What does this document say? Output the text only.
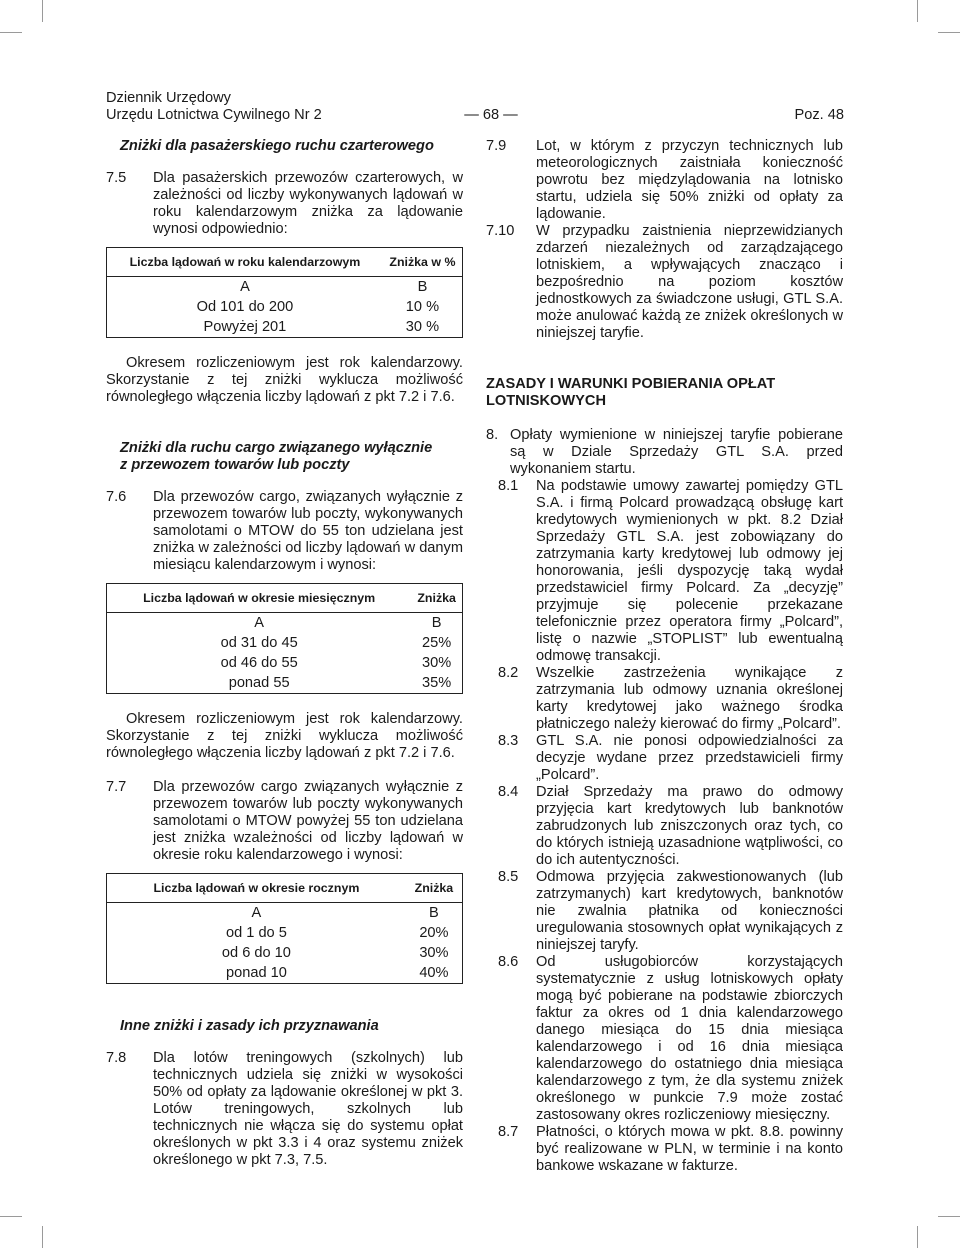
Dziennik Urzędowy
Urzędu Lotnictwa Cywilnego Nr 2	— 68 —	Poz. 48

Zniżki dla pasażerskiego ruchu czarterowego

7.5	Dla pasażerskich przewozów czarterowych, w zależności od liczby wykonywanych lądowań w roku kalendarzowym zniżka za lądowanie wynosi odpowiednio:
Liczba lądowań w roku kalendarzowym	Zniżka w %
A	B
Od 101 do 200	10 %
Powyżej 201	30 %

Okresem rozliczeniowym jest rok kalendarzowy. Skorzystanie z tej zniżki wyklucza możliwość równoległego włączenia liczby lądowań z pkt 7.2 i 7.6.

Zniżki dla ruchu cargo związanego wyłącznie
z przewozem towarów lub poczty

7.6	Dla przewozów cargo, związanych wyłącznie z przewozem towarów lub poczty, wykonywanych samolotami o MTOW do 55 ton udzielana jest zniżka w zależności od liczby lądowań w danym miesiącu kalendarzowym i wynosi:
Liczba lądowań w okresie miesięcznym	Zniżka
A	B
od 31 do 45	25%
od 46 do 55	30%
ponad 55	35%

Okresem rozliczeniowym jest rok kalendarzowy. Skorzystanie z tej zniżki wyklucza możliwość równoległego włączenia liczby lądowań z pkt 7.2 i 7.6.

7.7	Dla przewozów cargo związanych wyłącznie z przewozem towarów lub poczty wykonywanych samolotami o MTOW powyżej 55 ton udzielana jest zniżka wzależności od liczby lądowań w okresie roku kalendarzowego i wynosi:
Liczba lądowań w okresie rocznym	Zniżka
A	B
od 1 do 5	20%
od 6 do 10	30%
ponad 10	40%

Inne zniżki i zasady ich przyznawania

7.8	Dla lotów treningowych (szkolnych) lub technicznych udziela się zniżki w wysokości 50% od opłaty za lądowanie określonej w pkt 3. Lotów treningowych, szkolnych lub technicznych nie włącza się do systemu opłat określonych w pkt 3.3 i 4 oraz systemu zniżek określonego w pkt 7.3, 7.5.
7.9	Lot, w którym z przyczyn technicznych lub meteorologicznych zaistniała konieczność powrotu bez międzylądowania na lotnisko startu, udziela się 50% zniżki od opłaty za lądowanie.
7.10	W przypadku zaistnienia nieprzewidzianych zdarzeń niezależnych od zarządzającego lotniskiem, a wpływających znacząco i bezpośrednio na poziom kosztów jednostkowych za świadczone usługi, GTL S.A. może anulować każdą ze zniżek określonych w niniejszej taryfie.

ZASADY I WARUNKI POBIERANIA OPŁAT
LOTNISKOWYCH

8. Opłaty wymienione w niniejszej taryfie pobierane są w Dziale Sprzedaży GTL S.A. przed wykonaniem startu.
8.1	Na podstawie umowy zawartej pomiędzy GTL S.A. i firmą Polcard prowadzącą obsługę kart kredytowych wymienionych w pkt. 8.2 Dział Sprzedaży GTL S.A. jest zobowiązany do zatrzymania karty kredytowej lub odmowy jej honorowania, jeśli dyspozycję taką wydał przedstawiciel firmy Polcard. Za „decyzję” przyjmuje się polecenie przekazane telefonicznie przez operatora firmy „Polcard”, listę o nazwie „STOPLIST” lub ewentualną odmowę transakcji.
8.2	Wszelkie zastrzeżenia wynikające z zatrzymania lub odmowy uznania określonej karty kredytowej jako ważnego środka płatniczego należy kierować do firmy „Polcard”.
8.3	GTL S.A. nie ponosi odpowiedzialności za decyzje wydane przez przedstawicieli firmy „Polcard”.
8.4	Dział Sprzedaży ma prawo do odmowy przyjęcia kart kredytowych lub banknotów zabrudzonych lub zniszczonych oraz tych, co do których istnieją uzasadnione wątpliwości, co do ich autentyczności.
8.5	Odmowa przyjęcia zakwestionowanych (lub zatrzymanych) kart kredytowych, banknotów nie zwalnia płatnika od konieczności uregulowania stosownych opłat wynikających z niniejszej taryfy.
8.6	Od usługobiorców korzystających systematycznie z usług lotniskowych opłaty mogą być pobierane na podstawie zbiorczych faktur za okres od 1 dnia kalendarzowego danego miesiąca do 15 dnia miesiąca kalendarzowego i od 16 dnia miesiąca kalendarzowego do ostatniego dnia miesiąca kalendarzowego z tym, że dla systemu zniżek określonego w punkcie 7.9 może zostać zastosowany okres rozliczeniowy miesięczny.
8.7	Płatności, o których mowa w pkt. 8.8. powinny być realizowane w PLN, w terminie i na konto bankowe wskazane w fakturze.
